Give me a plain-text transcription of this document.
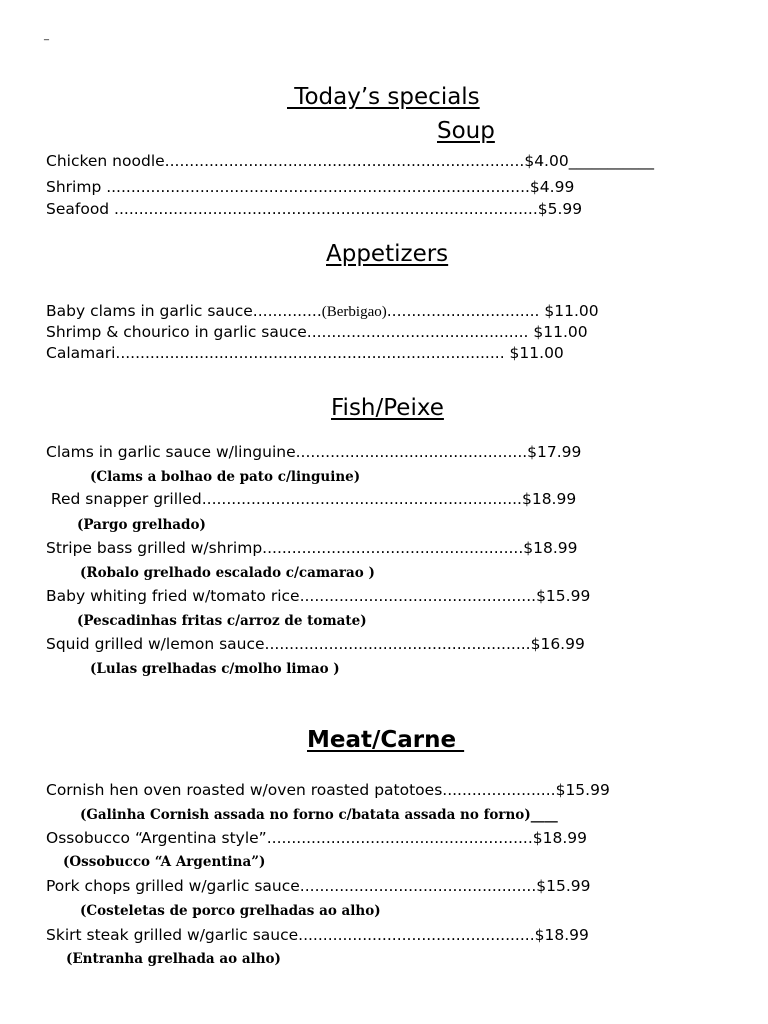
_
Today’s specials
Soup
Chicken noodle.........................................................................$4.00___________
Shrimp ......................................................................................$4.99
Seafood ......................................................................................$5.99
Appetizers
Baby clams in garlic sauce..............(Berbigao)............................... $11.00
Shrimp & chourico in garlic sauce............................................. $11.00
Calamari............................................................................... $11.00
Fish/Peixe
Clams in garlic sauce w/linguine...............................................$17.99
(Clams a bolhao de pato c/linguine)
Red snapper grilled.................................................................$18.99
(Pargo grelhado)
Stripe bass grilled w/shrimp.....................................................$18.99
(Robalo grelhado escalado c/camarao )
Baby whiting fried w/tomato rice................................................$15.99
(Pescadinhas fritas c/arroz de tomate)
Squid grilled w/lemon sauce......................................................$16.99
(Lulas grelhadas c/molho limao )
Meat/Carne
Cornish hen oven roasted w/oven roasted patotoes.......................$15.99
(Galinha Cornish assada no forno c/batata assada no forno)____
Ossobucco “Argentina style”......................................................$18.99
(Ossobucco “A Argentina”)
Pork chops grilled w/garlic sauce................................................$15.99
(Costeletas de porco grelhadas ao alho)
Skirt steak grilled w/garlic sauce................................................$18.99
(Entranha grelhada ao alho)
